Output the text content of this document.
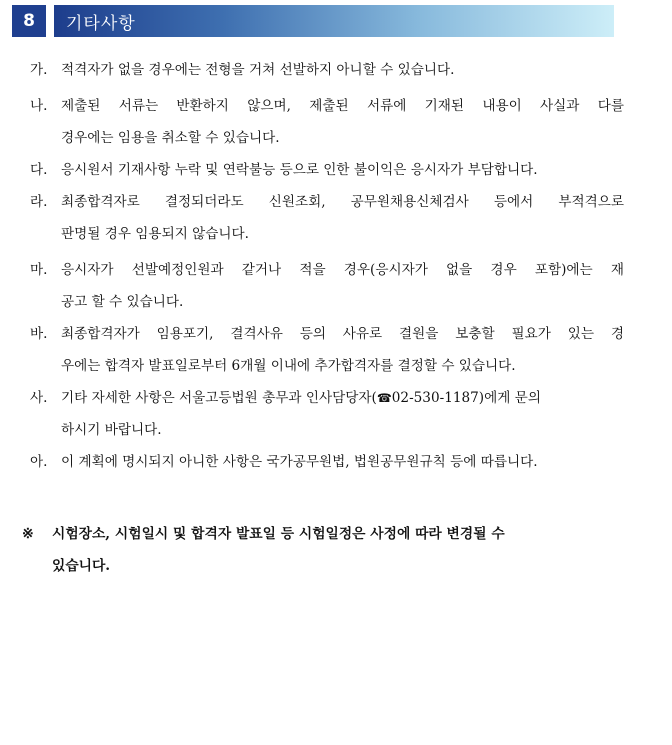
8	기타사항
가. 적격자가 없을 경우에는 전형을 거쳐 선발하지 아니할 수 있습니다.
나. 제출된 서류는 반환하지 않으며, 제출된 서류에 기재된 내용이 사실과 다를
경우에는 임용을 취소할 수 있습니다.
다. 응시원서 기재사항 누락 및 연락불능 등으로 인한 불이익은 응시자가 부담합니다.
라. 최종합격자로 결정되더라도 신원조회, 공무원채용신체검사 등에서 부적격으로
판명될 경우 임용되지 않습니다.
마. 응시자가 선발예정인원과 같거나 적을 경우(응시자가 없을 경우 포함)에는 재
공고 할 수 있습니다.
바. 최종합격자가 임용포기, 결격사유 등의 사유로 결원을 보충할 필요가 있는 경
우에는 합격자 발표일로부터 6개월 이내에 추가합격자를 결정할 수 있습니다.
사. 기타 자세한 사항은 서울고등법원 총무과 인사담당자(☎02-530-1187)에게 문의
하시기 바랍니다.
아. 이 계획에 명시되지 아니한 사항은 국가공무원법, 법원공무원규칙 등에 따릅니다.
※	시험장소, 시험일시 및 합격자 발표일 등 시험일정은 사정에 따라 변경될 수
있습니다.
